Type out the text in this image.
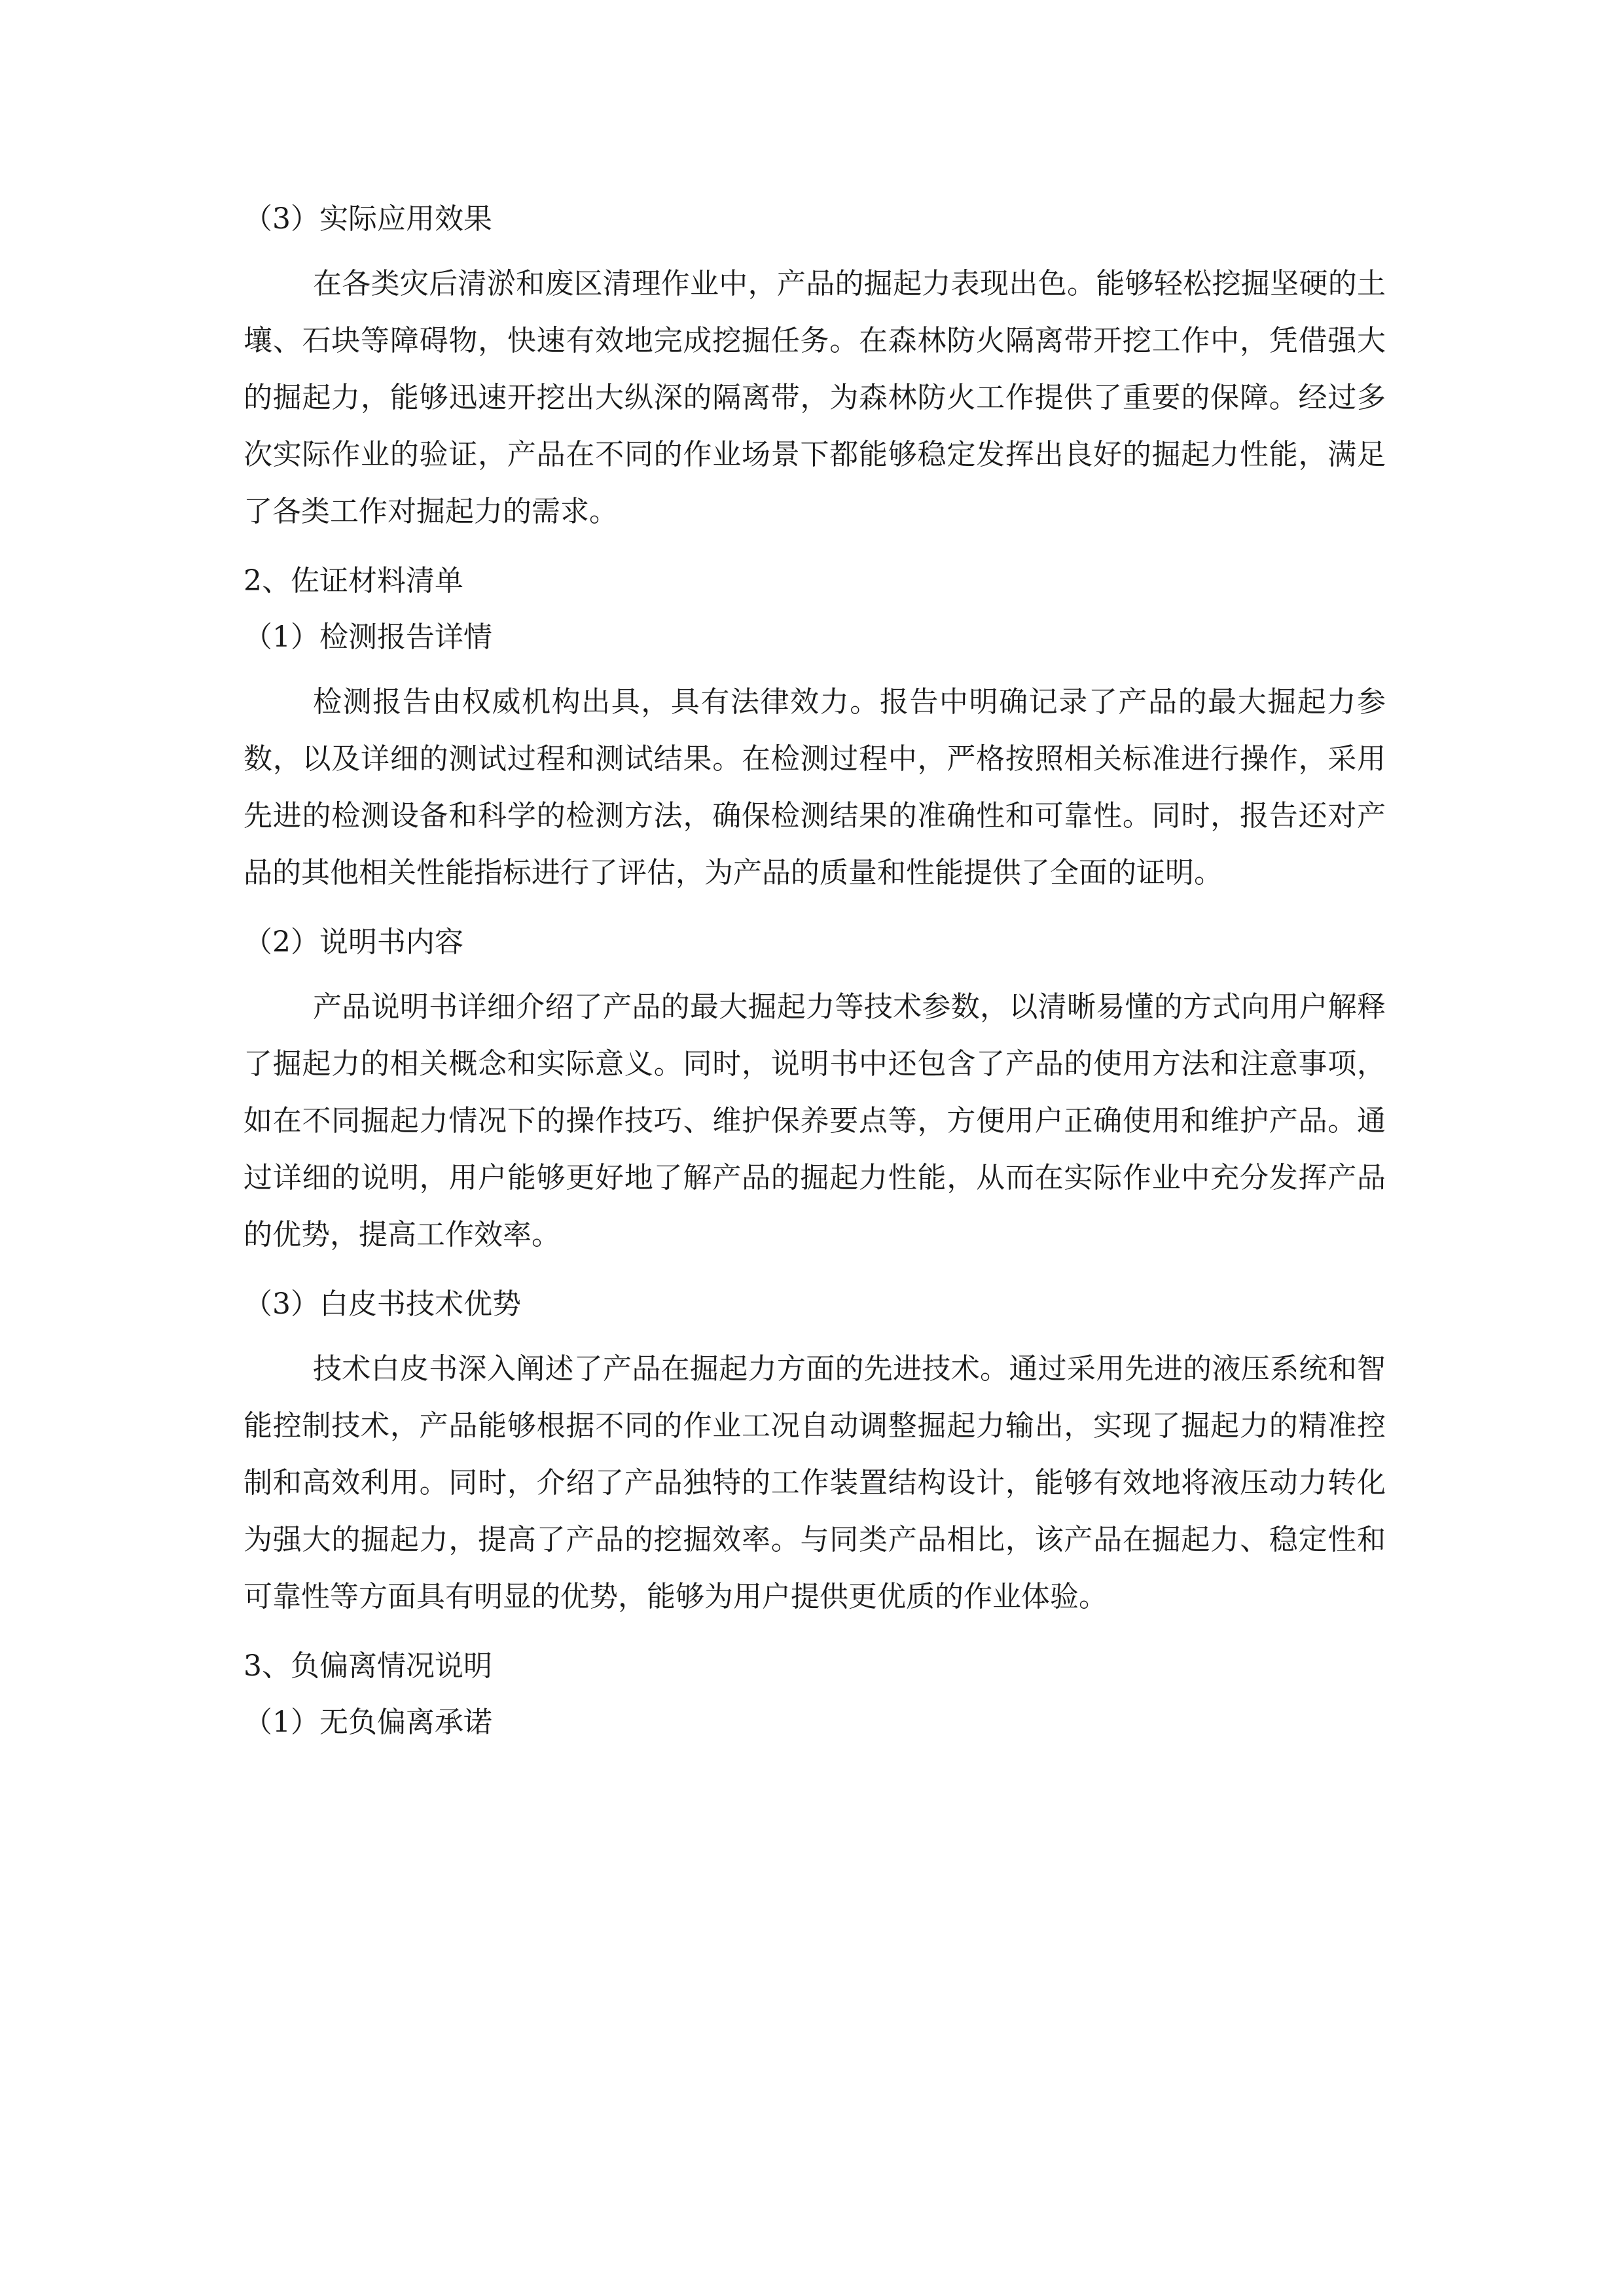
（3）实际应用效果

在各类灾后清淤和废区清理作业中，产品的掘起力表现出色。能够轻松挖掘坚硬的土壤、石块等障碍物，快速有效地完成挖掘任务。在森林防火隔离带开挖工作中，凭借强大的掘起力，能够迅速开挖出大纵深的隔离带，为森林防火工作提供了重要的保障。经过多次实际作业的验证，产品在不同的作业场景下都能够稳定发挥出良好的掘起力性能，满足了各类工作对掘起力的需求。

2、佐证材料清单

（1）检测报告详情

检测报告由权威机构出具，具有法律效力。报告中明确记录了产品的最大掘起力参数，以及详细的测试过程和测试结果。在检测过程中，严格按照相关标准进行操作，采用先进的检测设备和科学的检测方法，确保检测结果的准确性和可靠性。同时，报告还对产品的其他相关性能指标进行了评估，为产品的质量和性能提供了全面的证明。

（2）说明书内容

产品说明书详细介绍了产品的最大掘起力等技术参数，以清晰易懂的方式向用户解释了掘起力的相关概念和实际意义。同时，说明书中还包含了产品的使用方法和注意事项，如在不同掘起力情况下的操作技巧、维护保养要点等，方便用户正确使用和维护产品。通过详细的说明，用户能够更好地了解产品的掘起力性能，从而在实际作业中充分发挥产品的优势，提高工作效率。

（3）白皮书技术优势

技术白皮书深入阐述了产品在掘起力方面的先进技术。通过采用先进的液压系统和智能控制技术，产品能够根据不同的作业工况自动调整掘起力输出，实现了掘起力的精准控制和高效利用。同时，介绍了产品独特的工作装置结构设计，能够有效地将液压动力转化为强大的掘起力，提高了产品的挖掘效率。与同类产品相比，该产品在掘起力、稳定性和可靠性等方面具有明显的优势，能够为用户提供更优质的作业体验。

3、负偏离情况说明

（1）无负偏离承诺
